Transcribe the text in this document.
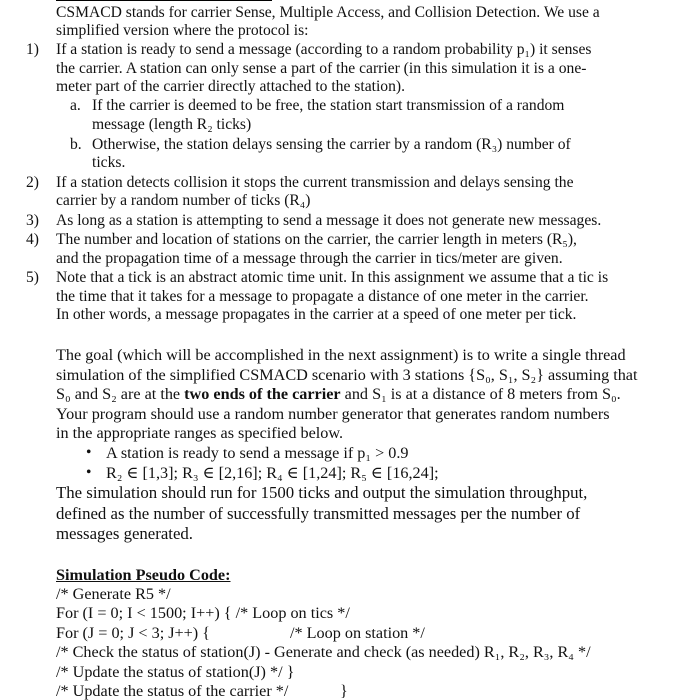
CSMACD stands for carrier Sense, Multiple Access, and Collision Detection. We use a
simplified version where the protocol is:
1) If a station is ready to send a message (according to a random probability p₁) it senses
the carrier. A station can only sense a part of the carrier (in this simulation it is a one-
meter part of the carrier directly attached to the station).
a. If the carrier is deemed to be free, the station start transmission of a random
message (length R₂ ticks)
b. Otherwise, the station delays sensing the carrier by a random (R₃) number of
ticks.
2) If a station detects collision it stops the current transmission and delays sensing the
carrier by a random number of ticks (R₄)
3) As long as a station is attempting to send a message it does not generate new messages.
4) The number and location of stations on the carrier, the carrier length in meters (R₅),
and the propagation time of a message through the carrier in tics/meter are given.
5) Note that a tick is an abstract atomic time unit. In this assignment we assume that a tic is
the time that it takes for a message to propagate a distance of one meter in the carrier.
In other words, a message propagates in the carrier at a speed of one meter per tick.
The goal (which will be accomplished in the next assignment) is to write a single thread
simulation of the simplified CSMACD scenario with 3 stations {S₀, S₁, S₂} assuming that
S₀ and S₂ are at the two ends of the carrier and S₁ is at a distance of 8 meters from S₀.
Your program should use a random number generator that generates random numbers
in the appropriate ranges as specified below.
• A station is ready to send a message if p₁ > 0.9
• R₂ ∈ [1,3]; R₃ ∈ [2,16]; R₄ ∈ [1,24]; R₅ ∈ [16,24];
The simulation should run for 1500 ticks and output the simulation throughput,
defined as the number of successfully transmitted messages per the number of
messages generated.
Simulation Pseudo Code:
/* Generate R5 */
For (I = 0; I < 1500; I++) { /* Loop on tics */
For (J = 0; J < 3; J++) {	/* Loop on station */
/* Check the status of station(J) - Generate and check (as needed) R₁, R₂, R₃, R₄ */
/* Update the status of station(J) */ }
/* Update the status of the carrier */	}
